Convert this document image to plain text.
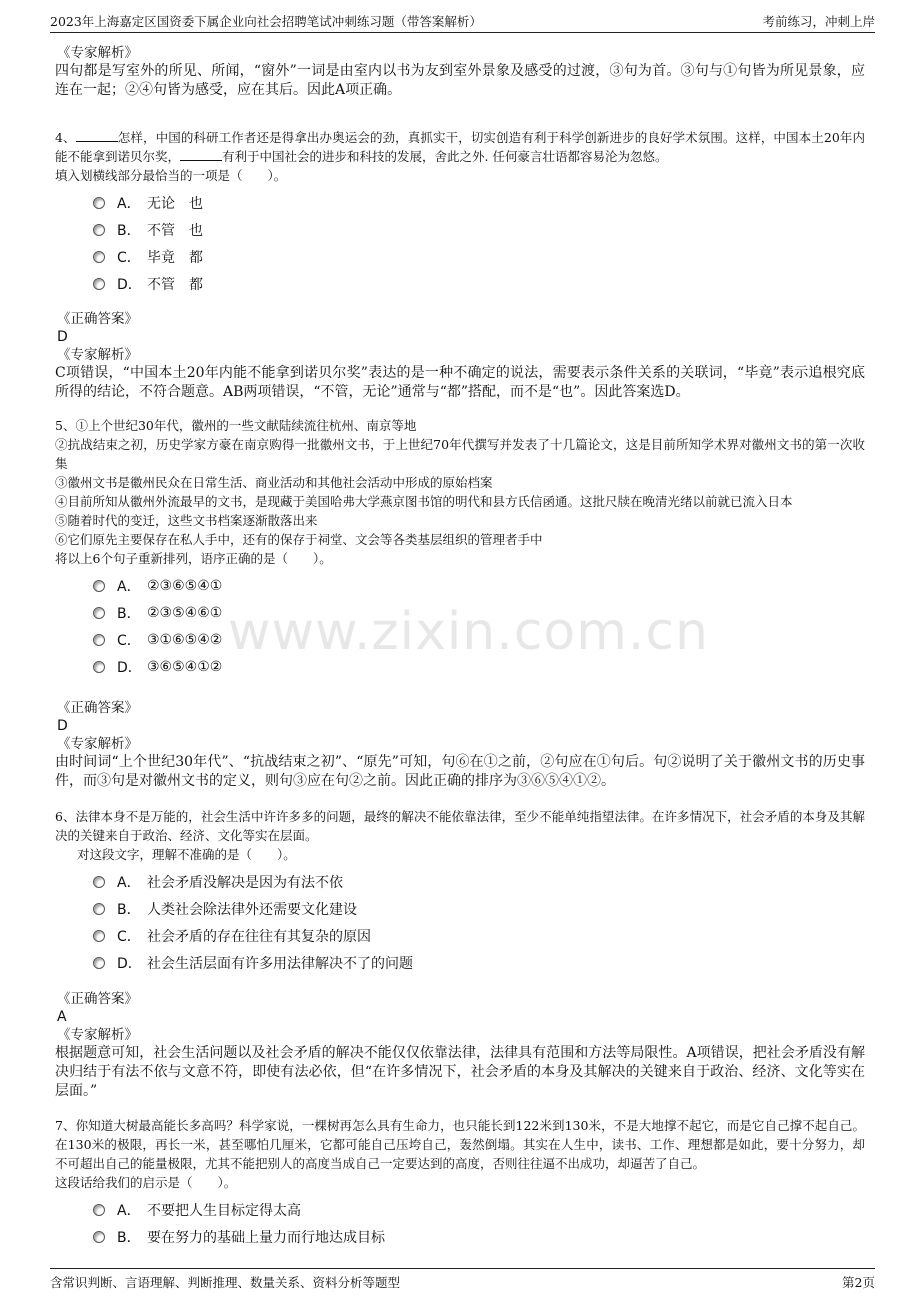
2023年上海嘉定区国资委下属企业向社会招聘笔试冲刺练习题（带答案解析）	考前练习，冲刺上岸
www.zixin.com.cn
《专家解析》
四句都是写室外的所见、所闻，“窗外”一词是由室内以书为友到室外景象及感受的过渡，③句为首。③句与①句皆为所见景象，应连在一起；②④句皆为感受，应在其后。因此A项正确。
4、	怎样，中国的科研工作者还是得拿出办奥运会的劲，真抓实干，切实创造有利于科学创新进步的良好学术氛围。这样，中国本土20年内能不能拿到诺贝尔奖，	有利于中国社会的进步和科技的发展，舍此之外. 任何豪言壮语都容易沦为忽悠。
填入划横线部分最恰当的一项是（　　）。
A． 无论　也
B． 不管　也
C． 毕竟　都
D． 不管　都
《正确答案》
D
《专家解析》
C项错误，“中国本土20年内能不能拿到诺贝尔奖”表达的是一种不确定的说法，需要表示条件关系的关联词，“毕竟”表示追根究底所得的结论，不符合题意。AB两项错误，“不管，无论”通常与“都”搭配，而不是“也”。因此答案选D。
5、①上个世纪30年代，徽州的一些文献陆续流往杭州、南京等地
②抗战结束之初，历史学家方豪在南京购得一批徽州文书，于上世纪70年代撰写并发表了十几篇论文，这是目前所知学术界对徽州文书的第一次收集
③徽州文书是徽州民众在日常生活、商业活动和其他社会活动中形成的原始档案
④目前所知从徽州外流最早的文书，是现藏于美国哈弗大学燕京图书馆的明代和县方氏信函通。这批尺牍在晚清光绪以前就已流入日本
⑤随着时代的变迁，这些文书档案逐渐散落出来
⑥它们原先主要保存在私人手中，还有的保存于祠堂、文会等各类基层组织的管理者手中
将以上6个句子重新排列，语序正确的是（　　）。
A． ②③⑥⑤④①
B． ②③⑤④⑥①
C． ③①⑥⑤④②
D． ③⑥⑤④①②
《正确答案》
D
《专家解析》
由时间词“上个世纪30年代”、“抗战结束之初”、“原先”可知，句⑥在①之前，②句应在①句后。句②说明了关于徽州文书的历史事件，而③句是对徽州文书的定义，则句③应在句②之前。因此正确的排序为③⑥⑤④①②。
6、法律本身不是万能的，社会生活中许许多多的问题，最终的解决不能依靠法律，至少不能单纯指望法律。在许多情况下，社会矛盾的本身及其解决的关键来自于政治、经济、文化等实在层面。
对这段文字，理解不准确的是（　　）。
A． 社会矛盾没解决是因为有法不依
B． 人类社会除法律外还需要文化建设
C． 社会矛盾的存在往往有其复杂的原因
D． 社会生活层面有许多用法律解决不了的问题
《正确答案》
A
《专家解析》
根据题意可知，社会生活问题以及社会矛盾的解决不能仅仅依靠法律，法律具有范围和方法等局限性。A项错误，把社会矛盾没有解决归结于有法不依与文意不符，即使有法必依，但“在许多情况下，社会矛盾的本身及其解决的关键来自于政治、经济、文化等实在层面。”
7、你知道大树最高能长多高吗？科学家说，一棵树再怎么具有生命力，也只能长到122米到130米，不是大地撑不起它，而是它自己撑不起自己。在130米的极限，再长一米，甚至哪怕几厘米，它都可能自己压垮自己，轰然倒塌。其实在人生中，读书、工作、理想都是如此，要十分努力，却不可超出自己的能量极限，尤其不能把别人的高度当成自己一定要达到的高度，否则往往逼不出成功，却逼苦了自己。
这段话给我们的启示是（　　）。
A． 不要把人生目标定得太高
B． 要在努力的基础上量力而行地达成目标
含常识判断、言语理解、判断推理、数量关系、资料分析等题型	第2页
